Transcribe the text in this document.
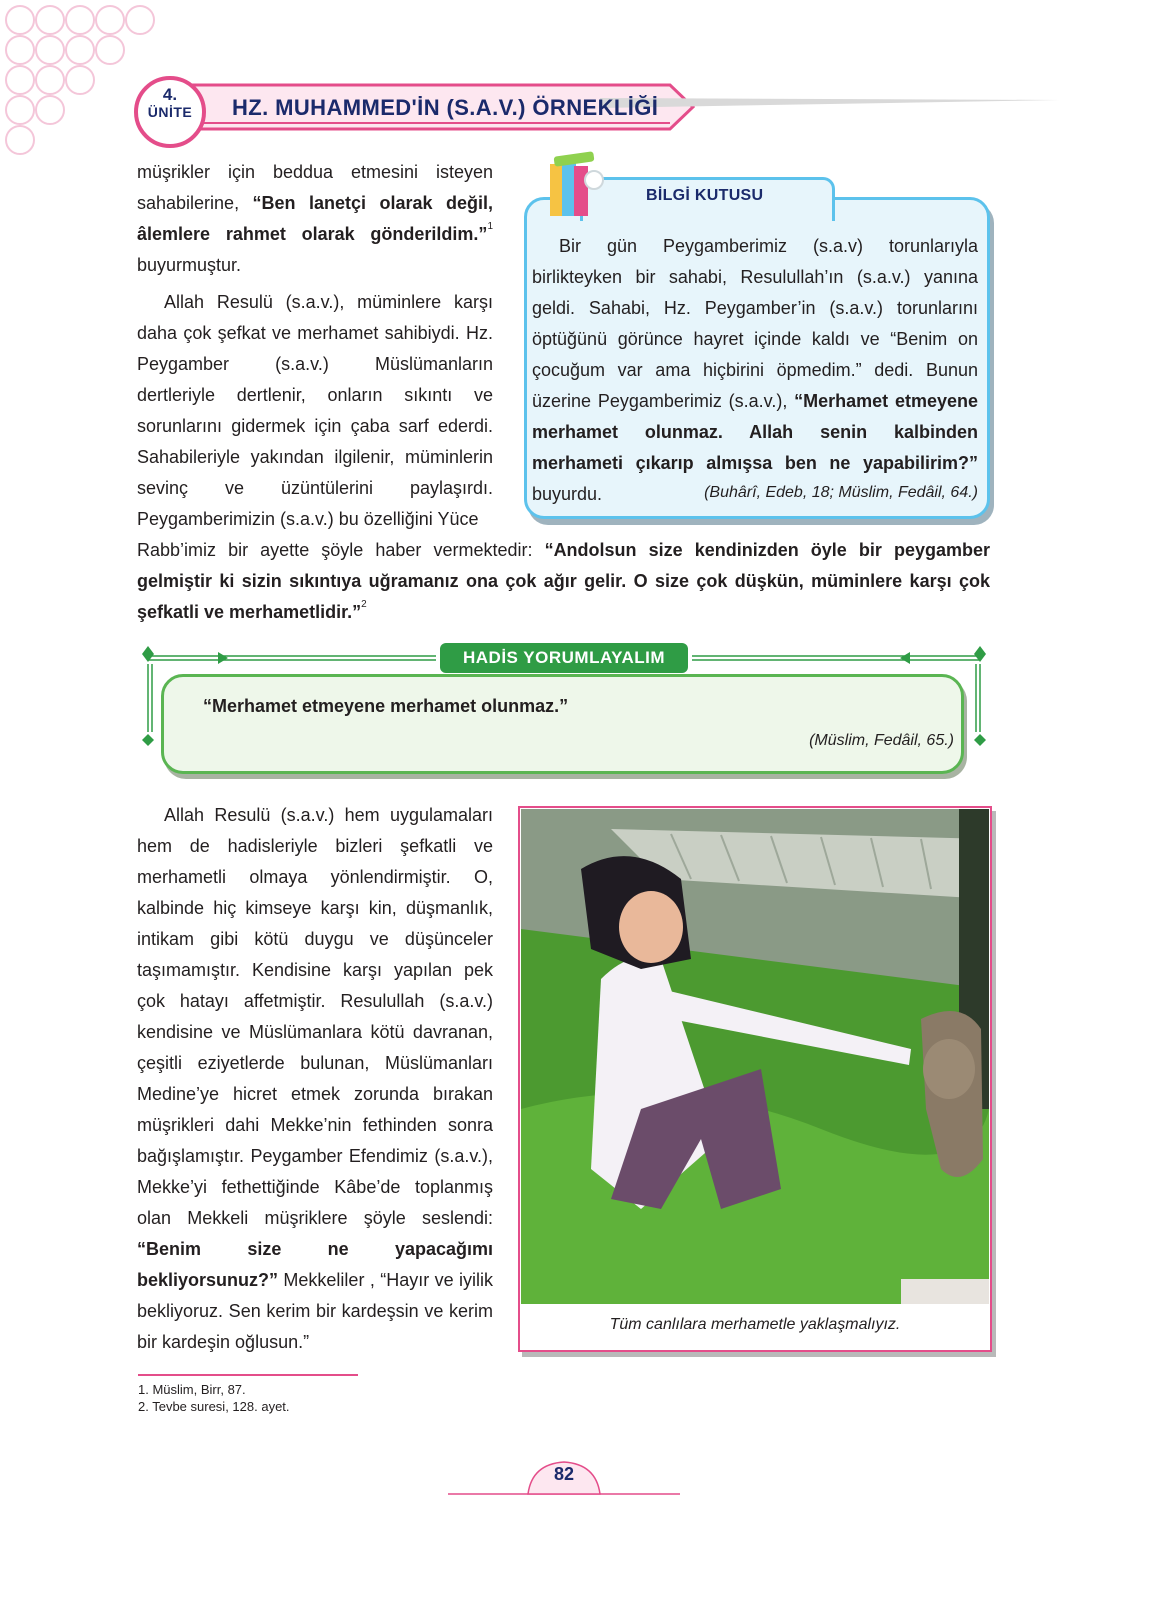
4.
ÜNİTE	HZ. MUHAMMED'İN (S.A.V.) ÖRNEKLİĞİ
müşrikler için beddua etmesini isteyen sahabilerine, “Ben lanetçi olarak değil, âlemlere rahmet olarak gönderildim.”$^1$ buyurmuştur.
Allah Resulü (s.a.v.), müminlere karşı daha çok şefkat ve merhamet sahibiydi. Hz. Peygamber (s.a.v.) Müslümanların dertleriyle dertlenir, onların sıkıntı ve sorunlarını gidermek için çaba sarf ederdi. Sahabileriyle yakından ilgilenir, müminlerin sevinç ve üzüntülerini paylaşırdı. Peygamberimizin (s.a.v.) bu özelliğini Yüce
BİLGİ KUTUSU
Bir gün Peygamberimiz (s.a.v) torunlarıyla birlikteyken bir sahabi, Resulullah’ın (s.a.v.) yanına geldi. Sahabi, Hz. Peygamber’in (s.a.v.) torunlarını öptüğünü görünce hayret içinde kaldı ve “Benim on çocuğum var ama hiçbirini öpmedim.” dedi. Bunun üzerine Peygamberimiz (s.a.v.), “Merhamet etmeyene merhamet olunmaz. Allah senin kalbinden merhameti çıkarıp almışsa ben ne yapabilirim?” buyurdu.	(Buhârî, Edeb, 18; Müslim, Fedâil, 64.)
Rabb’imiz bir ayette şöyle haber vermektedir: “Andolsun size kendinizden öyle bir peygamber gelmiştir ki sizin sıkıntıya uğramanız ona çok ağır gelir. O size çok düşkün, müminlere karşı çok şefkatli ve merhametlidir.”$^2$
HADİS YORUMLAYALIM
“Merhamet etmeyene merhamet olunmaz.”
(Müslim, Fedâil, 65.)
Allah Resulü (s.a.v.) hem uygulamaları hem de hadisleriyle bizleri şefkatli ve merhametli olmaya yönlendirmiştir. O, kalbinde hiç kimseye karşı kin, düşmanlık, intikam gibi kötü duygu ve düşünceler taşımamıştır. Kendisine karşı yapılan pek çok hatayı affetmiştir. Resulullah (s.a.v.) kendisine ve Müslümanlara kötü davranan, çeşitli eziyetlerde bulunan, Müslümanları Medine’ye hicret etmek zorunda bırakan müşrikleri dahi Mekke’nin fethinden sonra bağışlamıştır. Peygamber Efendimiz (s.a.v.), Mekke’yi fethettiğinde Kâbe’de toplanmış olan Mekkeli müşriklere şöyle seslendi: “Benim size ne yapacağımı bekliyorsunuz?” Mekkeliler , “Hayır ve iyilik bekliyoruz. Sen kerim bir kardeşsin ve kerim bir kardeşin oğlusun.”
Tüm canlılara merhametle yaklaşmalıyız.
1. Müslim, Birr, 87.
2. Tevbe suresi, 128. ayet.
82
